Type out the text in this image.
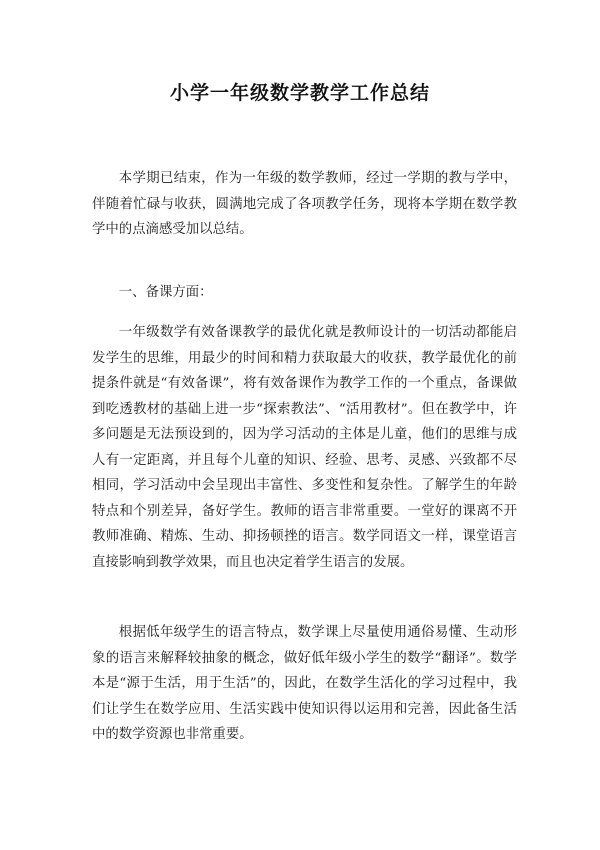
小学一年级数学教学工作总结

本学期已结束，作为一年级的数学教师，经过一学期的教与学中，伴随着忙碌与收获，圆满地完成了各项教学任务，现将本学期在数学教学中的点滴感受加以总结。

一、备课方面：

一年级数学有效备课教学的最优化就是教师设计的一切活动都能启发学生的思维，用最少的时间和精力获取最大的收获，教学最优化的前提条件就是“有效备课”，将有效备课作为教学工作的一个重点，备课做到吃透教材的基础上进一步“探索教法”、“活用教材”。但在教学中，许多问题是无法预设到的，因为学习活动的主体是儿童，他们的思维与成人有一定距离，并且每个儿童的知识、经验、思考、灵感、兴致都不尽相同，学习活动中会呈现出丰富性、多变性和复杂性。了解学生的年龄特点和个别差异，备好学生。教师的语言非常重要。一堂好的课离不开教师准确、精炼、生动、抑扬顿挫的语言。数学同语文一样，课堂语言直接影响到教学效果，而且也决定着学生语言的发展。

根据低年级学生的语言特点，数学课上尽量使用通俗易懂、生动形象的语言来解释较抽象的概念，做好低年级小学生的数学“翻译”。数学本是“源于生活，用于生活”的，因此，在数学生活化的学习过程中，我们让学生在数学应用、生活实践中使知识得以运用和完善，因此备生活中的数学资源也非常重要。
